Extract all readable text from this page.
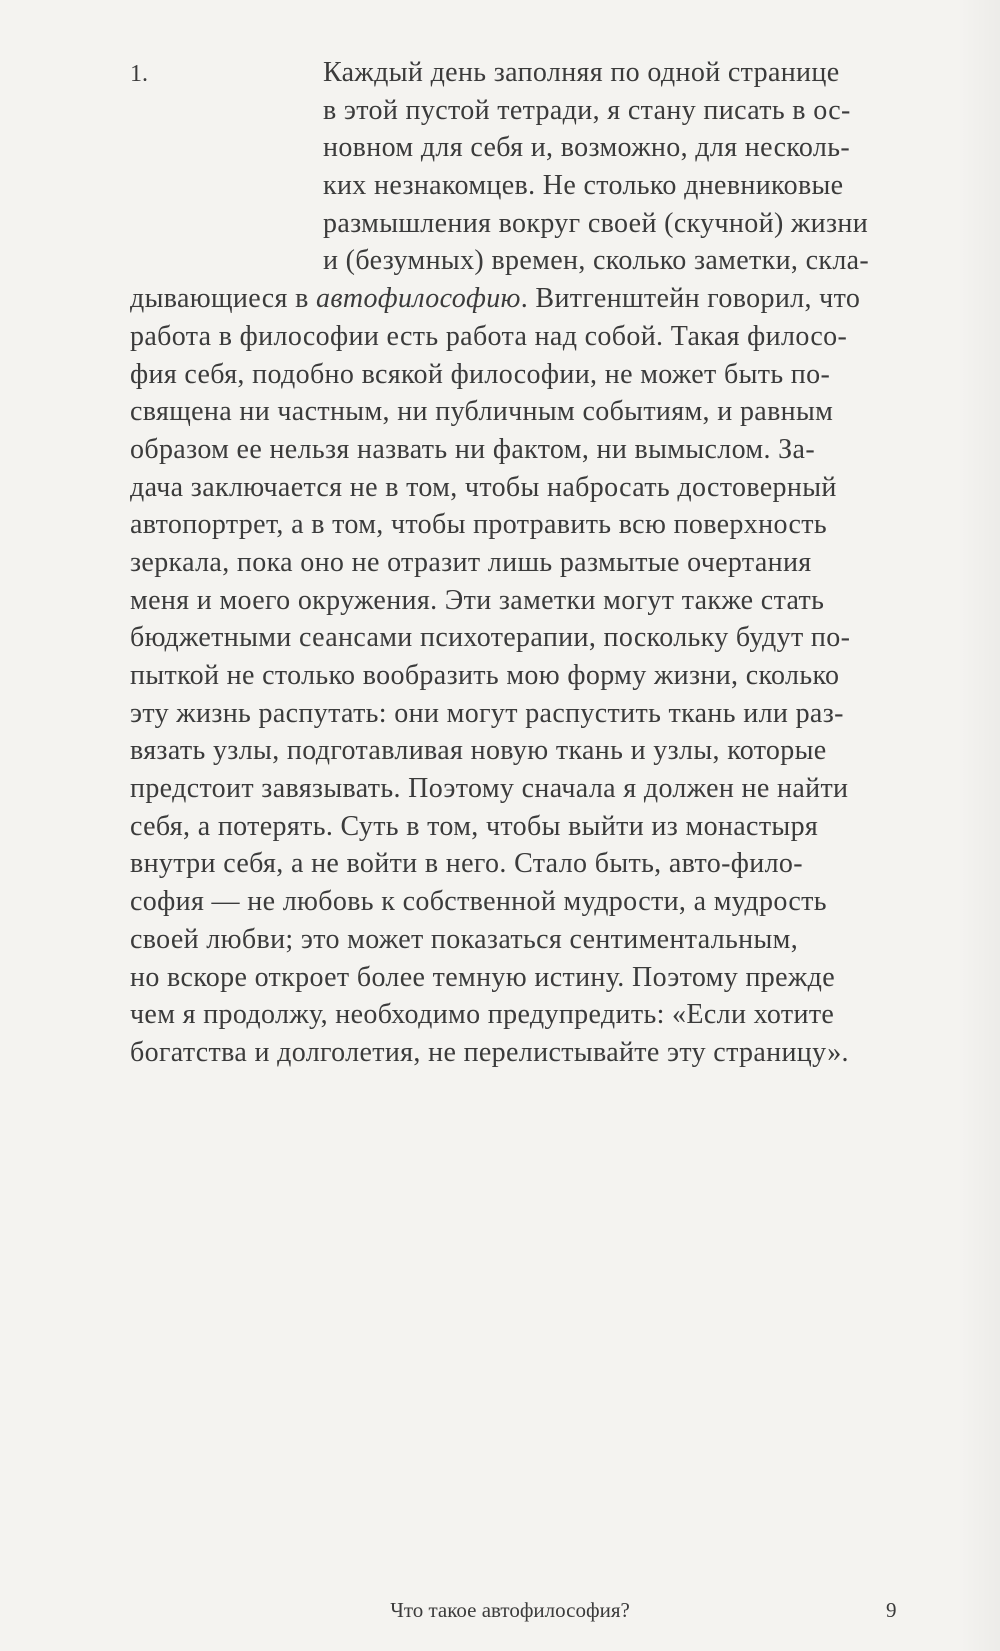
1.	Каждый день заполняя по одной странице
в этой пустой тетради, я стану писать в ос-
новном для себя и, возможно, для несколь-
ких незнакомцев. Не столько дневниковые
размышления вокруг своей (скучной) жизни
и (безумных) времен, сколько заметки, скла-
дывающиеся в автофилософию. Витгенштейн говорил, что
работа в философии есть работа над собой. Такая филосо-
фия себя, подобно всякой философии, не может быть по-
священа ни частным, ни публичным событиям, и равным
образом ее нельзя назвать ни фактом, ни вымыслом. За-
дача заключается не в том, чтобы набросать достоверный
автопортрет, а в том, чтобы протравить всю поверхность
зеркала, пока оно не отразит лишь размытые очертания
меня и моего окружения. Эти заметки могут также стать
бюджетными сеансами психотерапии, поскольку будут по-
пыткой не столько вообразить мою форму жизни, сколько
эту жизнь распутать: они могут распустить ткань или раз-
вязать узлы, подготавливая новую ткань и узлы, которые
предстоит завязывать. Поэтому сначала я должен не найти
себя, а потерять. Суть в том, чтобы выйти из монастыря
внутри себя, а не войти в него. Стало быть, авто-фило-
софия — не любовь к собственной мудрости, а мудрость
своей любви; это может показаться сентиментальным,
но вскоре откроет более темную истину. Поэтому прежде
чем я продолжу, необходимо предупредить: «Если хотите
богатства и долголетия, не перелистывайте эту страницу».
Что такое автофилософия?	9
